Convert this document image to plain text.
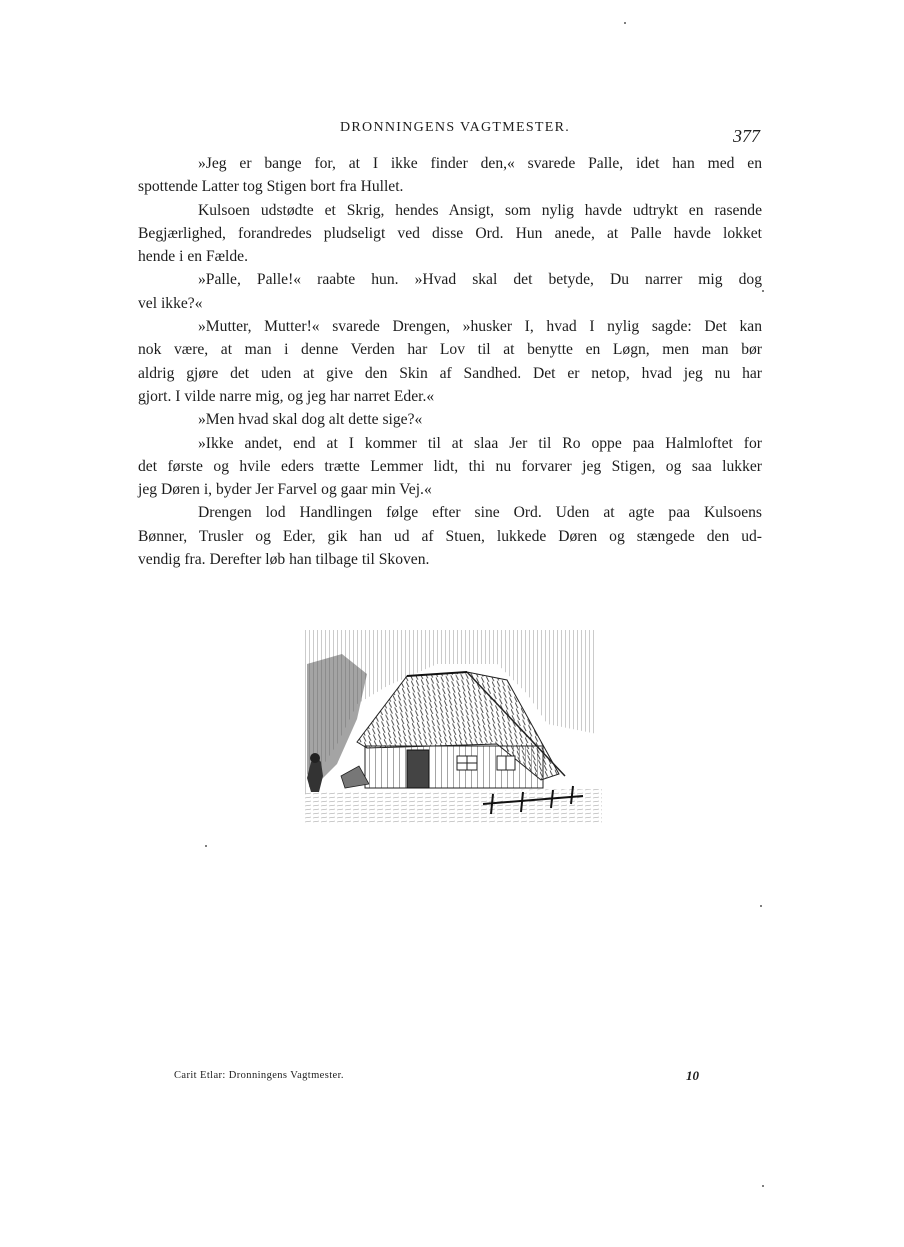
DRONNINGENS VAGTMESTER.	377

»Jeg er bange for, at I ikke finder den,« svarede Palle, idet han med en

spottende Latter tog Stigen bort fra Hullet.

Kulsoen udstødte et Skrig, hendes Ansigt, som nylig havde udtrykt en rasende

Begjærlighed, forandredes pludseligt ved disse Ord. Hun anede, at Palle havde lokket

hende i en Fælde.

»Palle, Palle!« raabte hun. »Hvad skal det betyde, Du narrer mig dog

vel ikke?«

»Mutter, Mutter!« svarede Drengen, »husker I, hvad I nylig sagde: Det kan

nok være, at man i denne Verden har Lov til at benytte en Løgn, men man bør

aldrig gjøre det uden at give den Skin af Sandhed. Det er netop, hvad jeg nu har

gjort. I vilde narre mig, og jeg har narret Eder.«

»Men hvad skal dog alt dette sige?«

»Ikke andet, end at I kommer til at slaa Jer til Ro oppe paa Halmloftet for

det første og hvile eders trætte Lemmer lidt, thi nu forvarer jeg Stigen, og saa lukker

jeg Døren i, byder Jer Farvel og gaar min Vej.«

Drengen lod Handlingen følge efter sine Ord. Uden at agte paa Kulsoens

Bønner, Trusler og Eder, gik han ud af Stuen, lukkede Døren og stængede den ud-

vendig fra. Derefter løb han tilbage til Skoven.

Carit Etlar: Dronningens Vagtmester.	10
